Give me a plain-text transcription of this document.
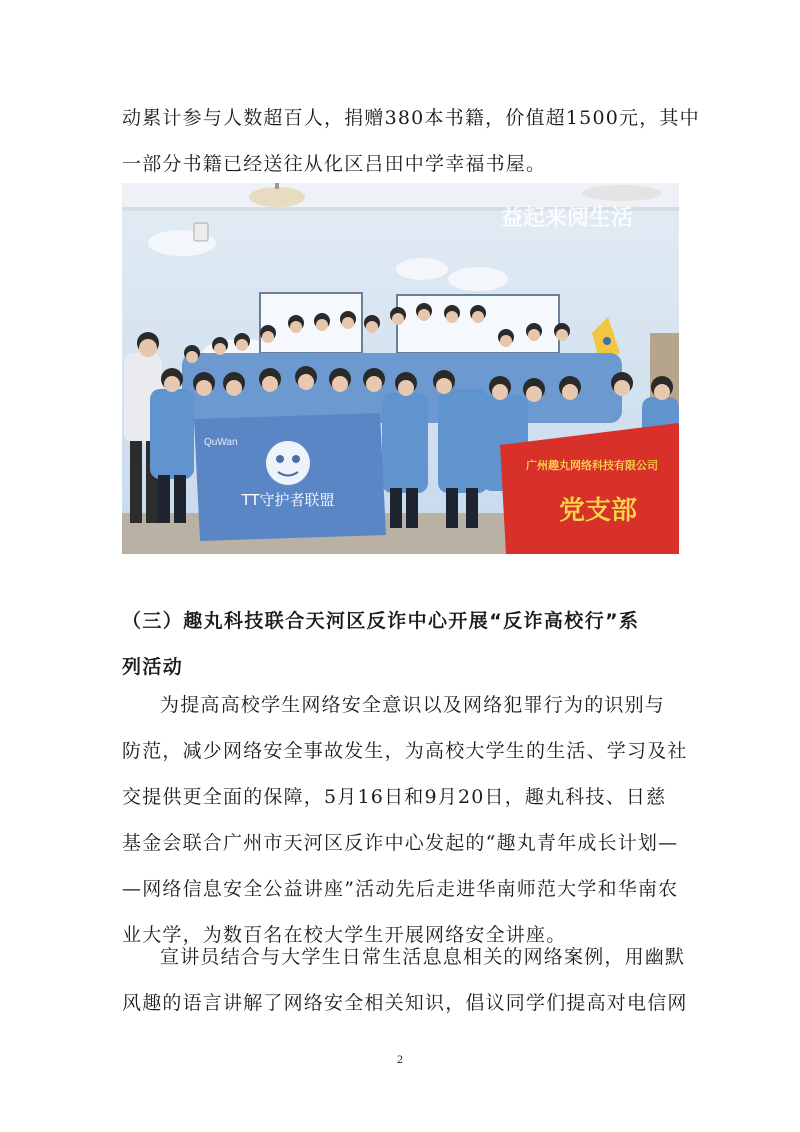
动累计参与人数超百人，捐赠380本书籍，价值超1500元，其中
一部分书籍已经送往从化区吕田中学幸福书屋。

QuWan
TT守护者联盟
广州趣丸网络科技有限公司
党支部
益起来阅生活
（三）趣丸科技联合天河区反诈中心开展“反诈高校行”系
列活动

为提高高校学生网络安全意识以及网络犯罪行为的识别与
防范，减少网络安全事故发生，为高校大学生的生活、学习及社
交提供更全面的保障，5月16日和9月20日，趣丸科技、日慈
基金会联合广州市天河区反诈中心发起的“趣丸青年成长计划—
—网络信息安全公益讲座”活动先后走进华南师范大学和华南农
业大学，为数百名在校大学生开展网络安全讲座。

宣讲员结合与大学生日常生活息息相关的网络案例，用幽默
风趣的语言讲解了网络安全相关知识，倡议同学们提高对电信网

2
